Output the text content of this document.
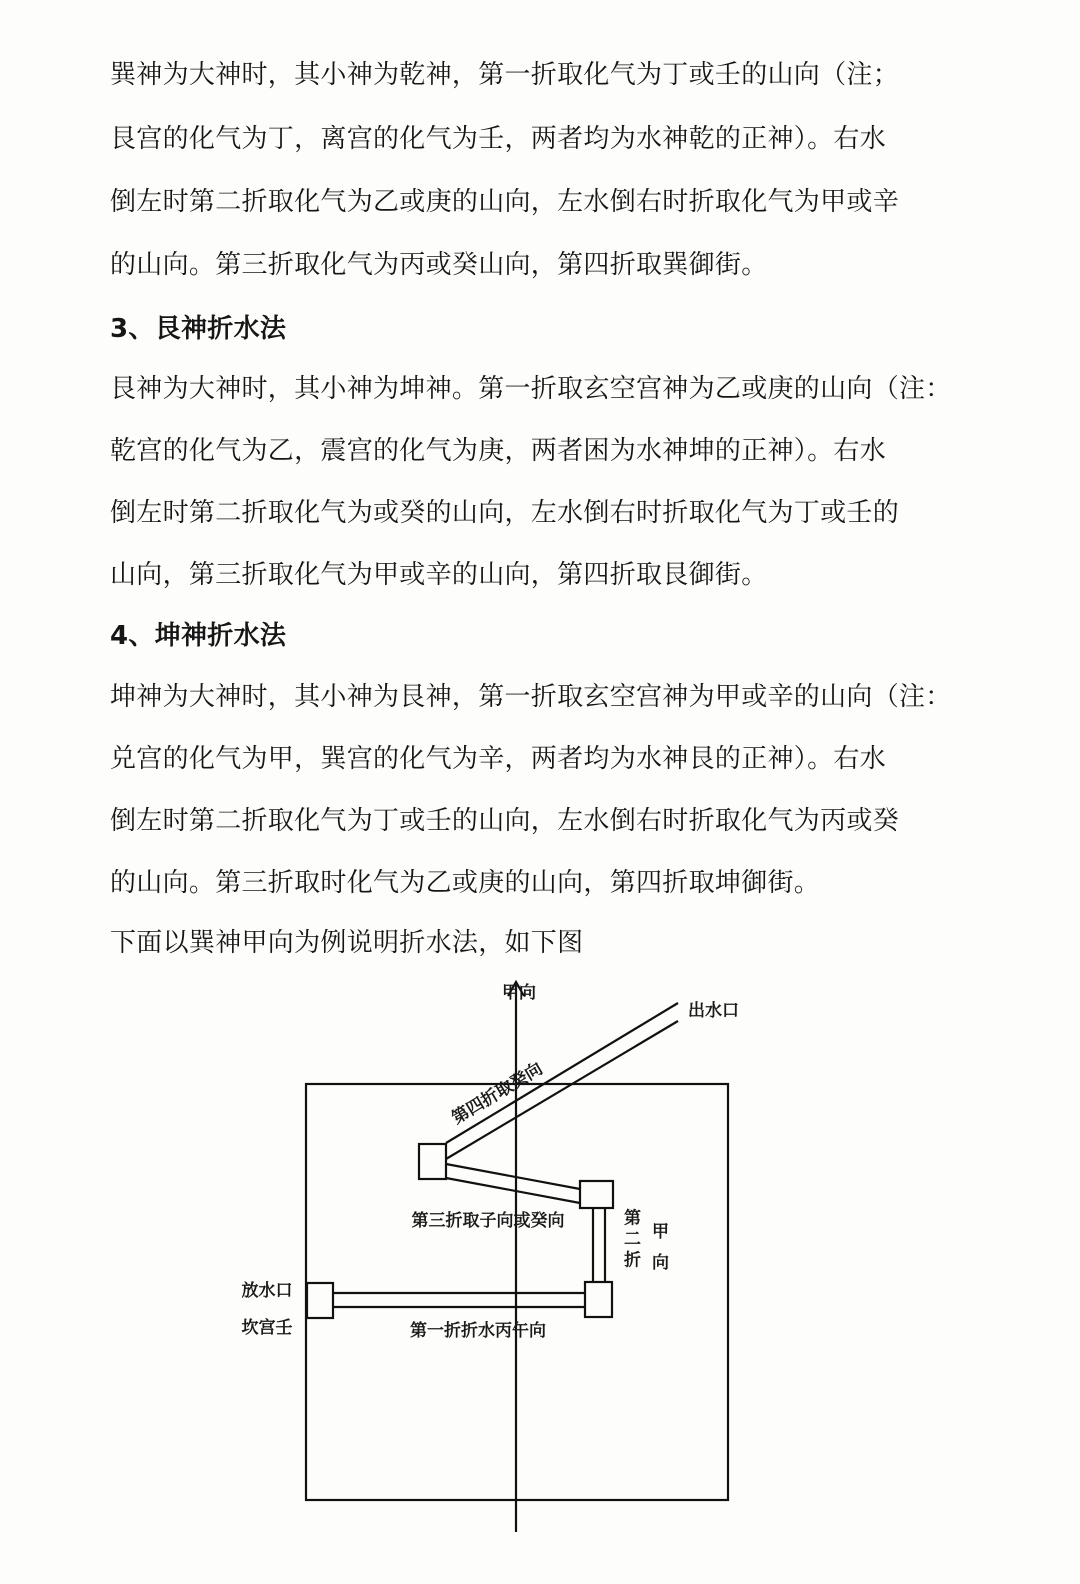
巽神为大神时，其小神为乾神，第一折取化气为丁或壬的山向（注；
艮宫的化气为丁，离宫的化气为壬，两者均为水神乾的正神）。右水
倒左时第二折取化气为乙或庚的山向，左水倒右时折取化气为甲或辛
的山向。第三折取化气为丙或癸山向，第四折取巽御街。
3、艮神折水法
艮神为大神时，其小神为坤神。第一折取玄空宫神为乙或庚的山向（注：
乾宫的化气为乙，震宫的化气为庚，两者困为水神坤的正神）。右水
倒左时第二折取化气为或癸的山向，左水倒右时折取化气为丁或壬的
山向，第三折取化气为甲或辛的山向，第四折取艮御街。
4、坤神折水法
坤神为大神时，其小神为艮神，第一折取玄空宫神为甲或辛的山向（注：
兑宫的化气为甲，巽宫的化气为辛，两者均为水神艮的正神）。右水
倒左时第二折取化气为丁或壬的山向，左水倒右时折取化气为丙或癸
的山向。第三折取时化气为乙或庚的山向，第四折取坤御街。
下面以巽神甲向为例说明折水法，如下图
甲向
出水口
第四折取癸向
第三折取子向或癸向	第二折 甲向
放水口
坎宫壬	第一折折水丙午向
